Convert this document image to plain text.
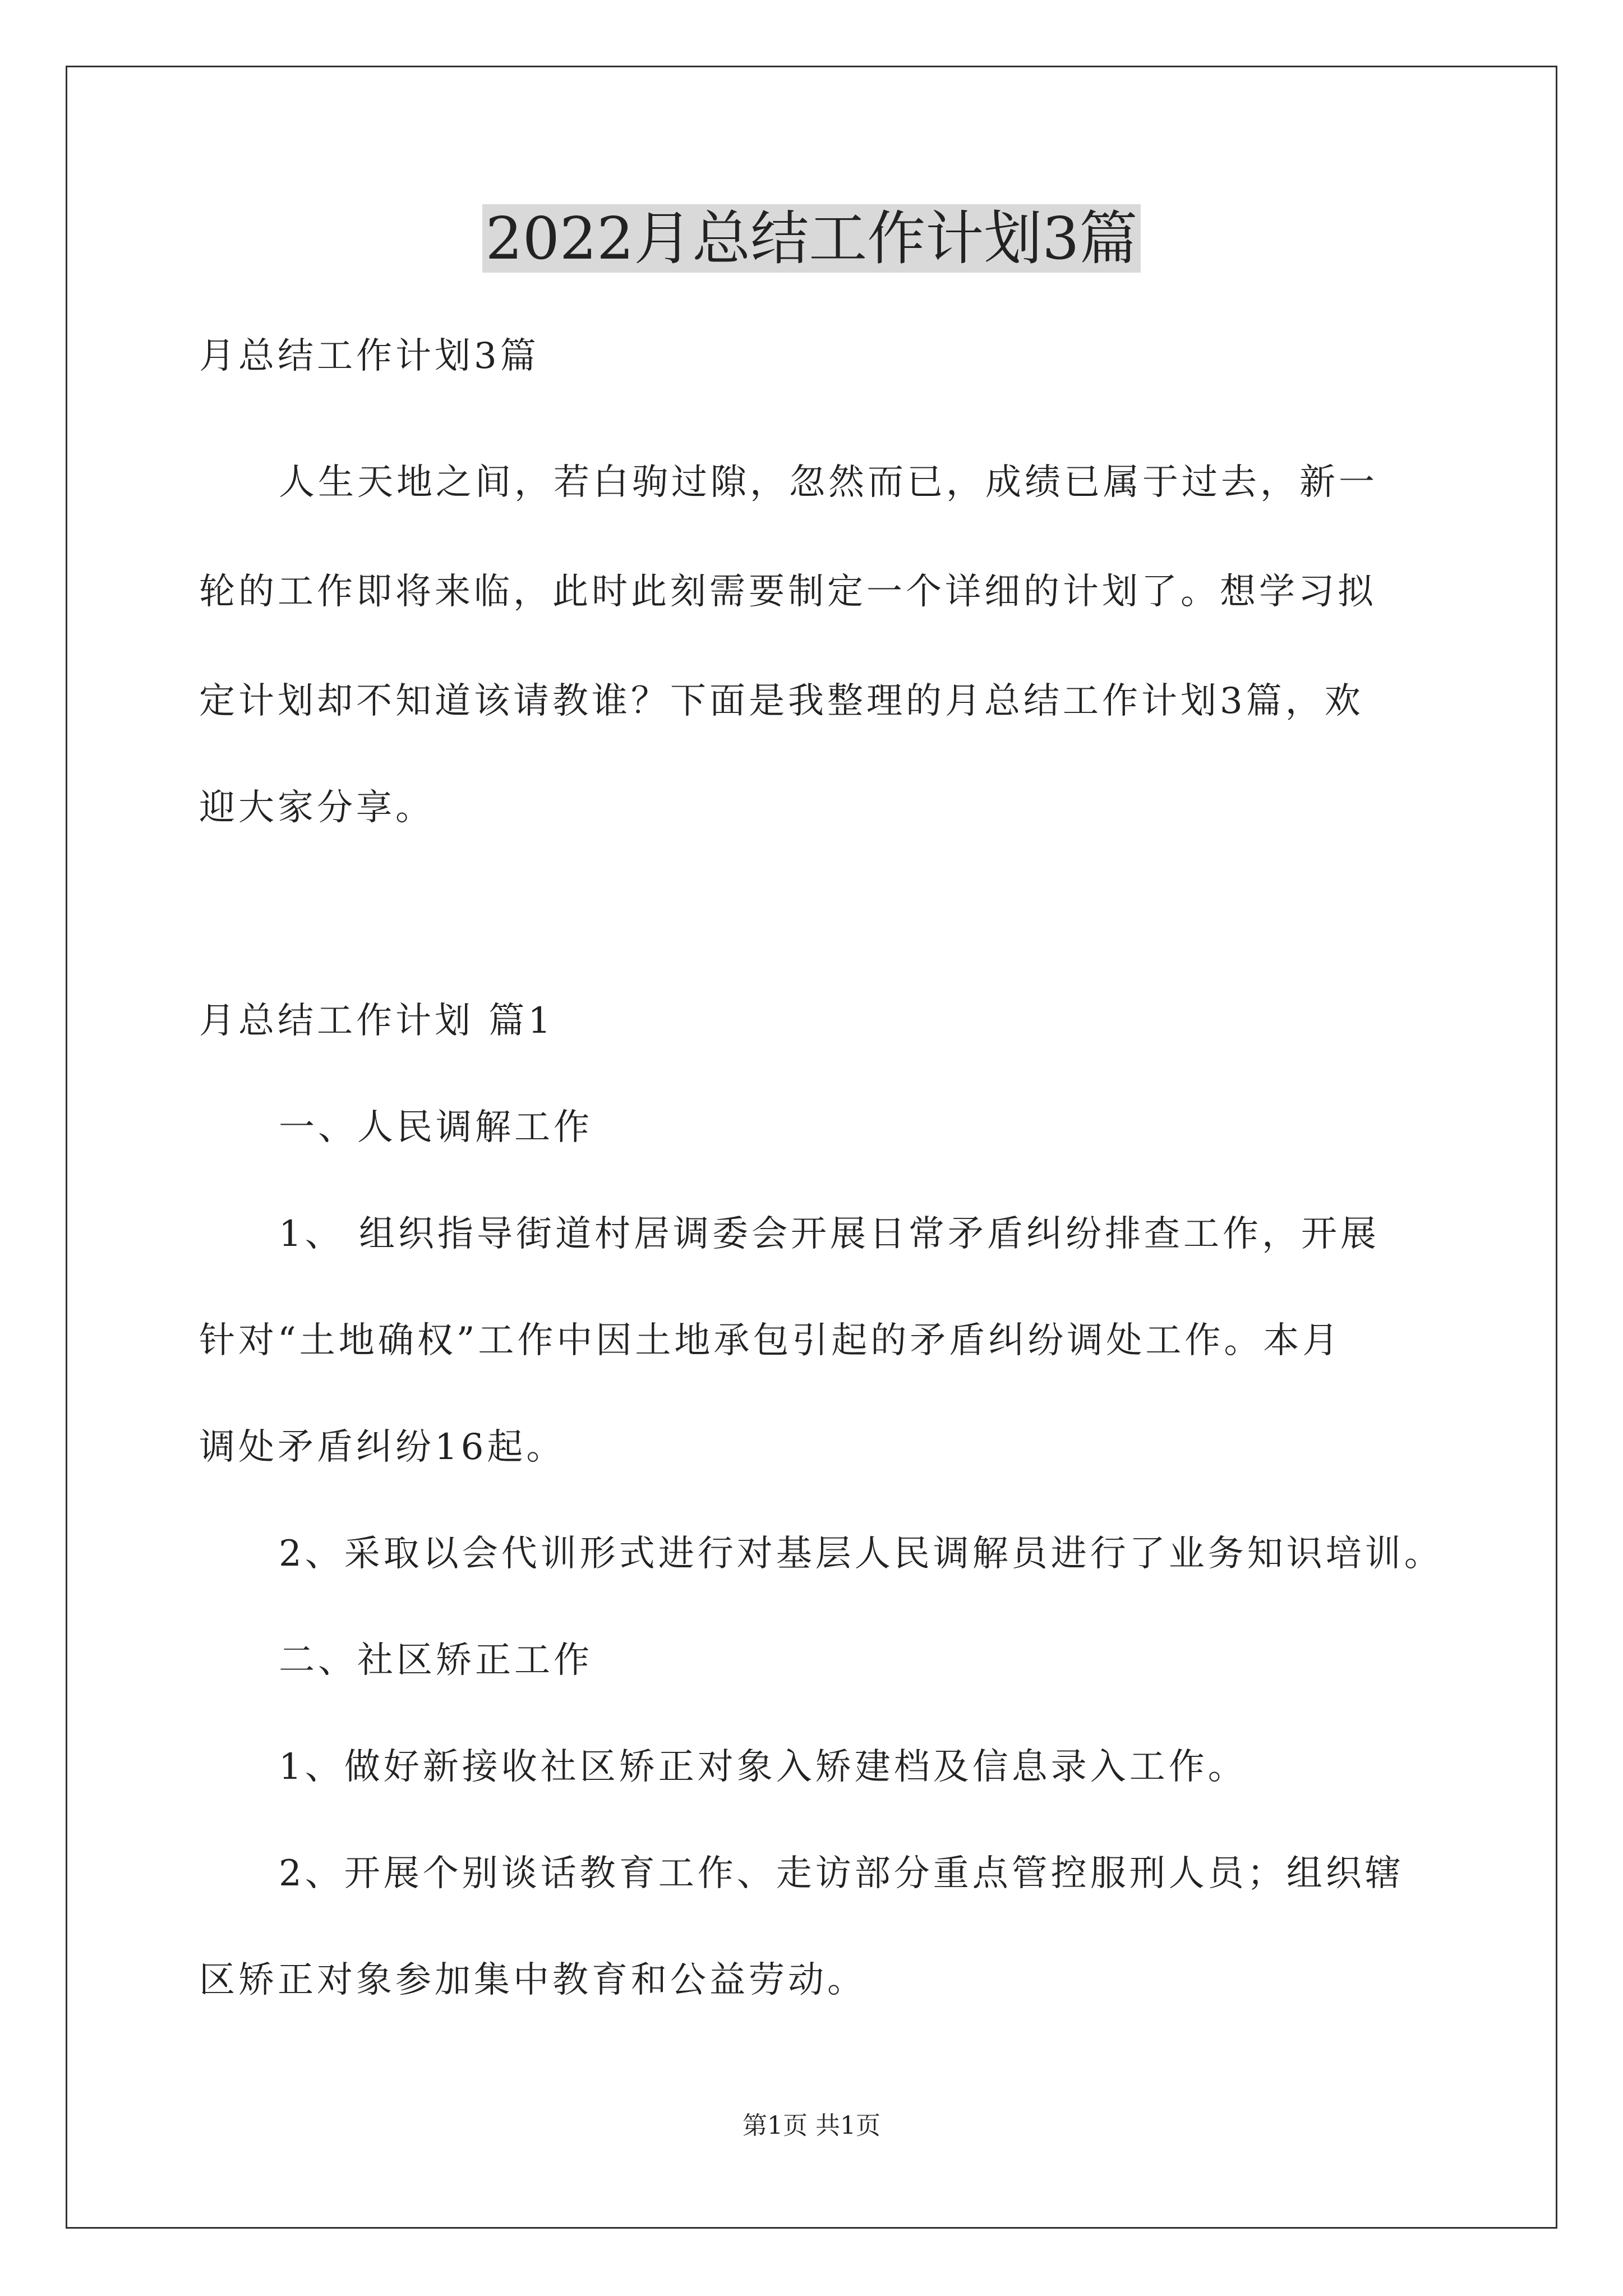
2022月总结工作计划3篇
月总结工作计划3篇
人生天地之间，若白驹过隙，忽然而已，成绩已属于过去，新一
轮的工作即将来临，此时此刻需要制定一个详细的计划了。想学习拟
定计划却不知道该请教谁？下面是我整理的月总结工作计划3篇，欢
迎大家分享。
月总结工作计划 篇1
一、人民调解工作
1、 组织指导街道村居调委会开展日常矛盾纠纷排查工作，开展
针对“土地确权”工作中因土地承包引起的矛盾纠纷调处工作。本月
调处矛盾纠纷16起。
2、采取以会代训形式进行对基层人民调解员进行了业务知识培训。
二、社区矫正工作
1、做好新接收社区矫正对象入矫建档及信息录入工作。
2、开展个别谈话教育工作、走访部分重点管控服刑人员；组织辖
区矫正对象参加集中教育和公益劳动。
第1页 共1页
